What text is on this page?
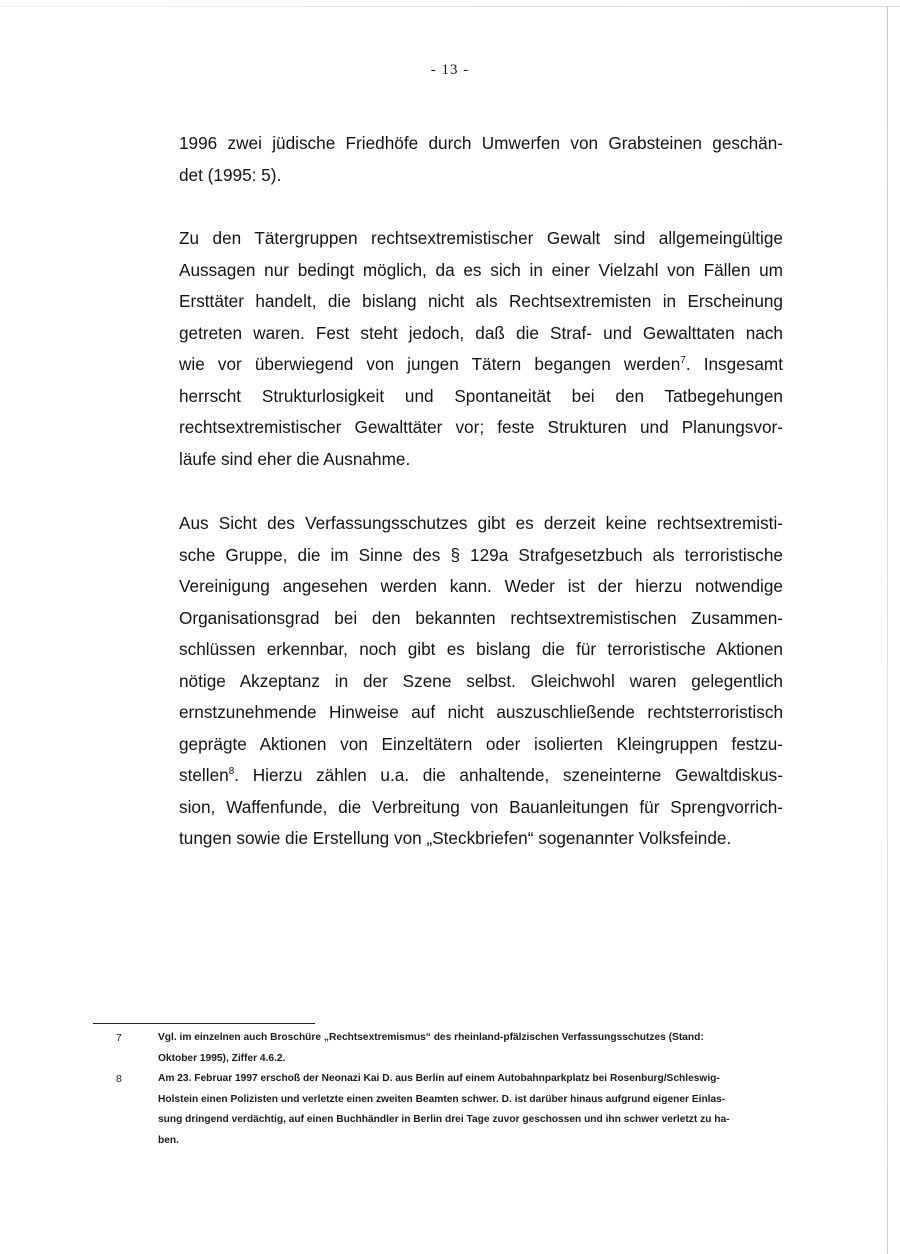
- 13 -
1996 zwei jüdische Friedhöfe durch Umwerfen von Grabsteinen geschän-
det (1995: 5).
Zu den Tätergruppen rechtsextremistischer Gewalt sind allgemeingültige
Aussagen nur bedingt möglich, da es sich in einer Vielzahl von Fällen um
Ersttäter handelt, die bislang nicht als Rechtsextremisten in Erscheinung
getreten waren. Fest steht jedoch, daß die Straf- und Gewalttaten nach
wie vor überwiegend von jungen Tätern begangen werden$^7$. Insgesamt
herrscht Strukturlosigkeit und Spontaneität bei den Tatbegehungen
rechtsextremistischer Gewalttäter vor; feste Strukturen und Planungsvor-
läufe sind eher die Ausnahme.
Aus Sicht des Verfassungsschutzes gibt es derzeit keine rechtsextremisti-
sche Gruppe, die im Sinne des § 129a Strafgesetzbuch als terroristische
Vereinigung angesehen werden kann. Weder ist der hierzu notwendige
Organisationsgrad bei den bekannten rechtsextremistischen Zusammen-
schlüssen erkennbar, noch gibt es bislang die für terroristische Aktionen
nötige Akzeptanz in der Szene selbst. Gleichwohl waren gelegentlich
ernstzunehmende Hinweise auf nicht auszuschließende rechtsterroristisch
geprägte Aktionen von Einzeltätern oder isolierten Kleingruppen festzu-
stellen$^8$. Hierzu zählen u.a. die anhaltende, szeneinterne Gewaltdiskus-
sion, Waffenfunde, die Verbreitung von Bauanleitungen für Sprengvorrich-
tungen sowie die Erstellung von „Steckbriefen“ sogenannter Volksfeinde.
7	Vgl. im einzelnen auch Broschüre „Rechtsextremismus“ des rheinland-pfälzischen Verfassungsschutzes (Stand:
Oktober 1995), Ziffer 4.6.2.
8	Am 23. Februar 1997 erschoß der Neonazi Kai D. aus Berlin auf einem Autobahnparkplatz bei Rosenburg/Schleswig-
Holstein einen Polizisten und verletzte einen zweiten Beamten schwer. D. ist darüber hinaus aufgrund eigener Einlas-
sung dringend verdächtig, auf einen Buchhändler in Berlin drei Tage zuvor geschossen und ihn schwer verletzt zu ha-
ben.
